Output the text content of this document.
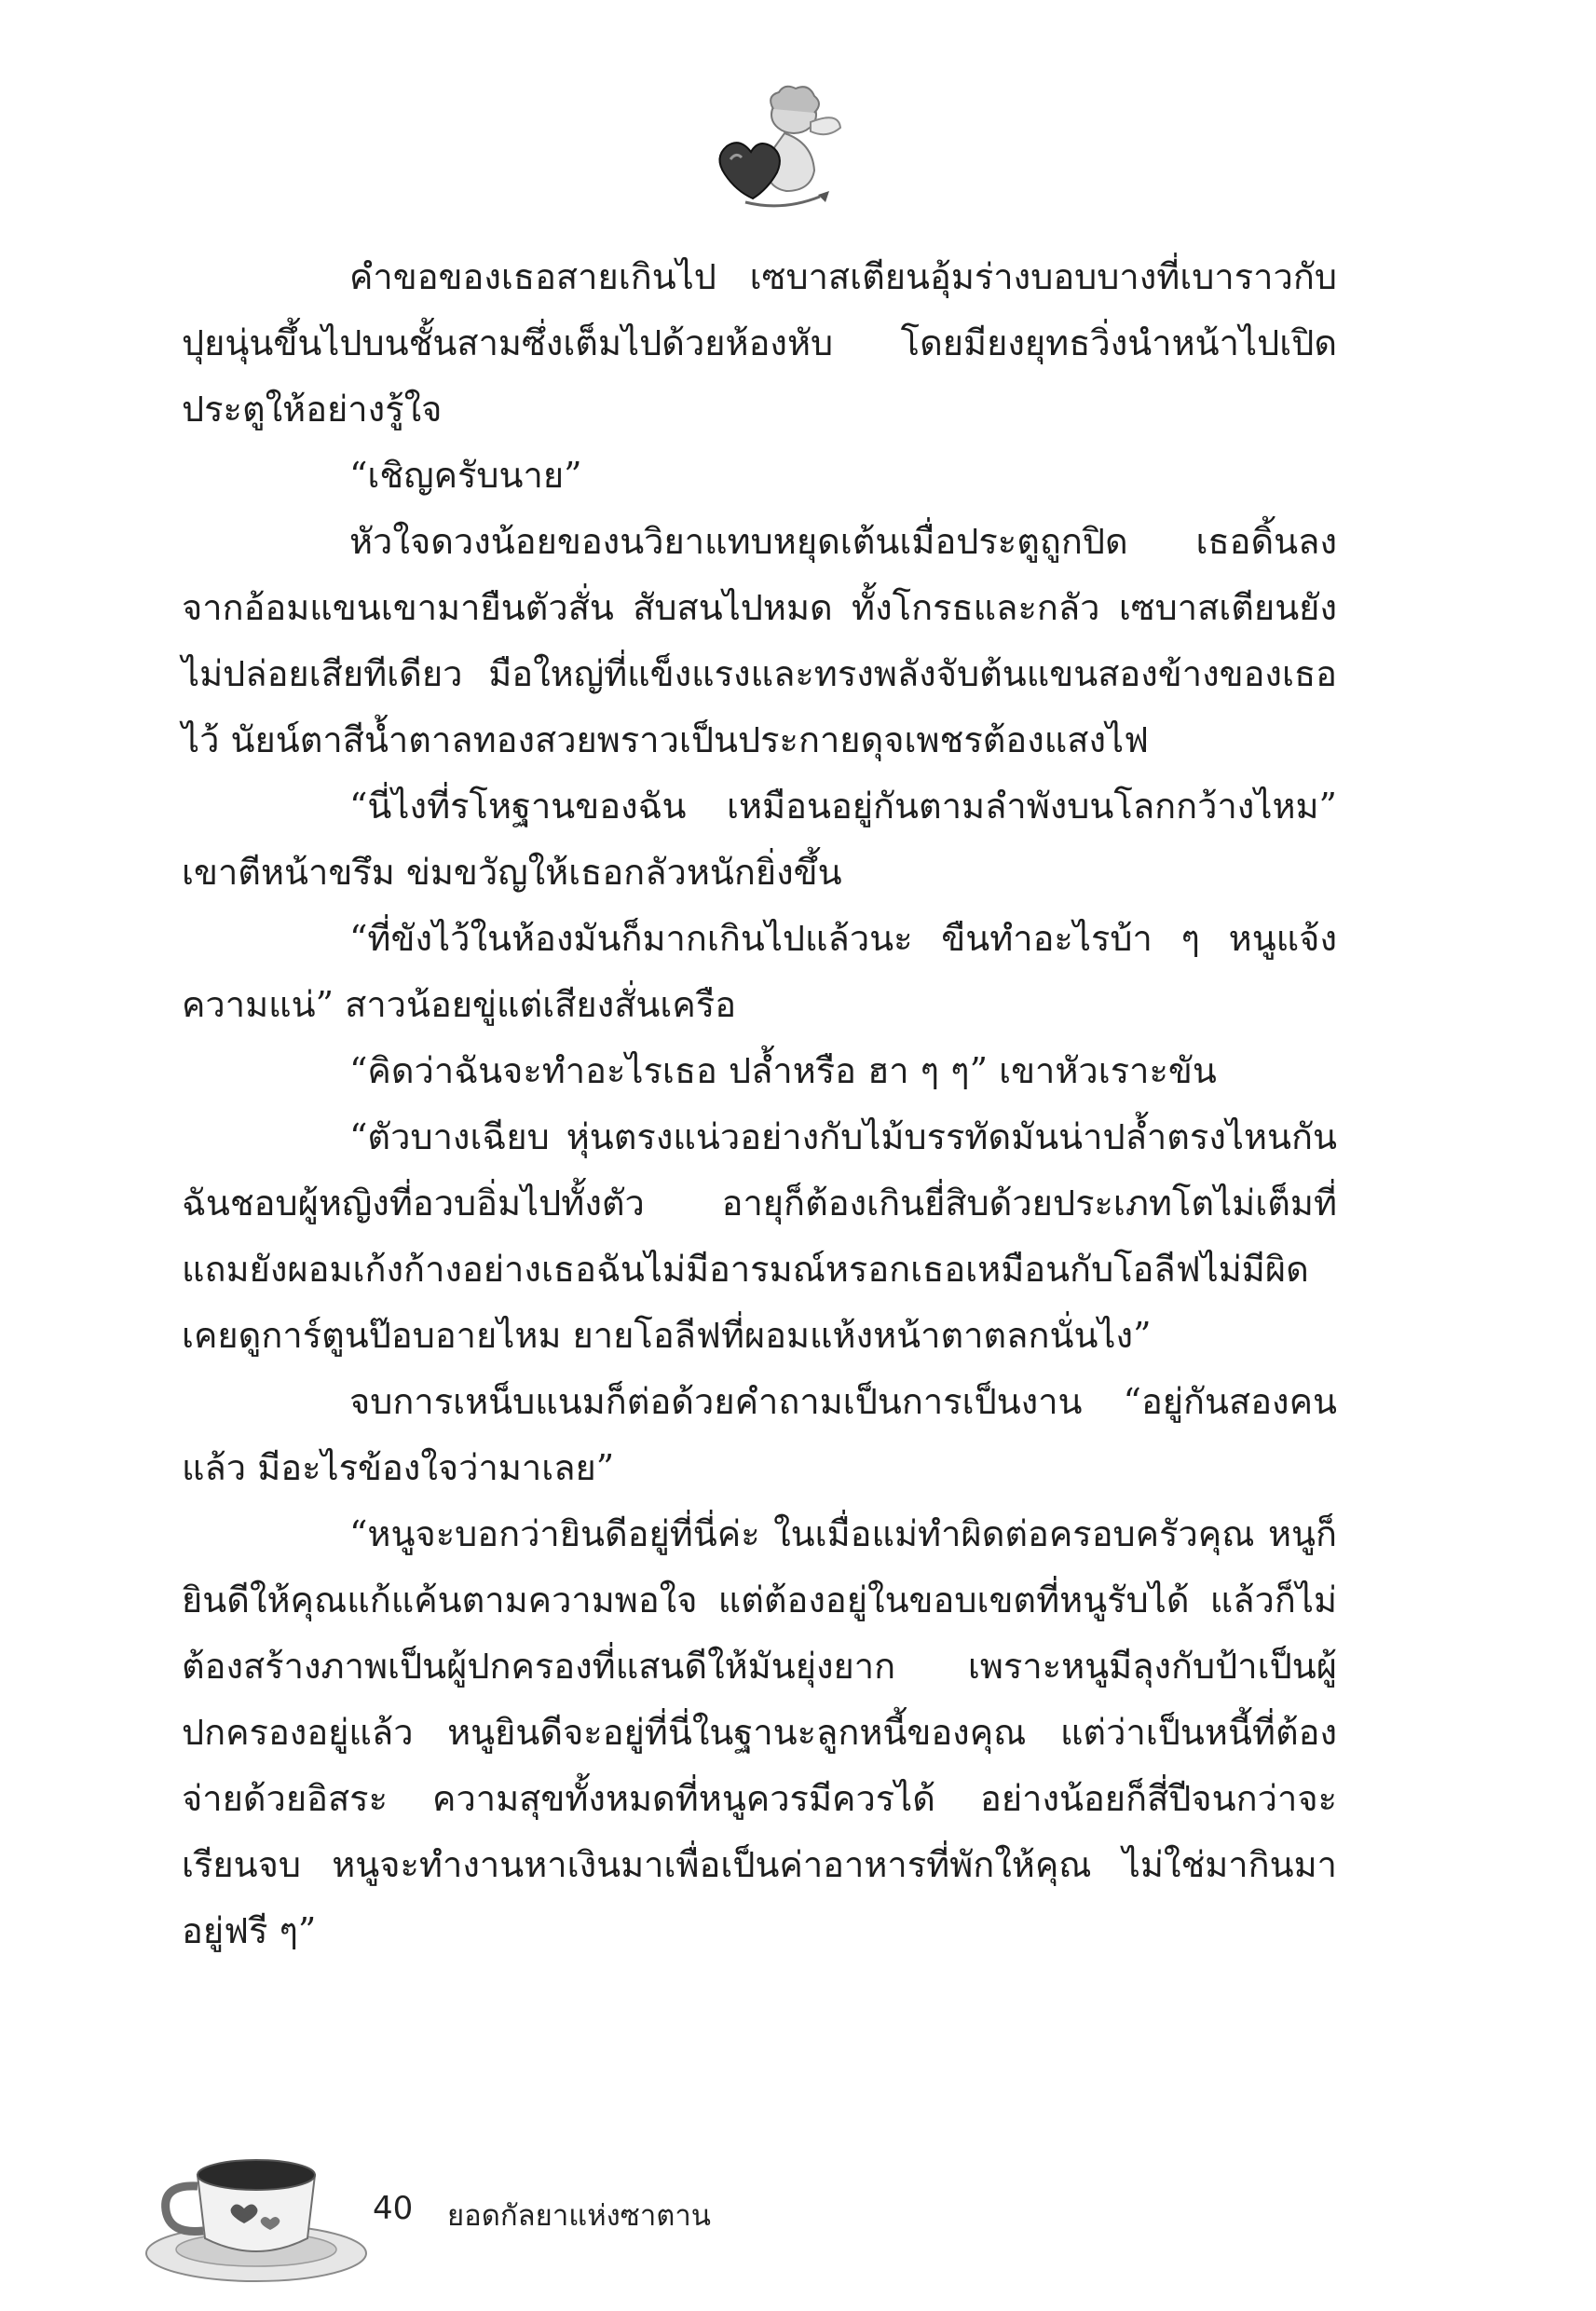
คำขอของเธอสายเกินไป เซบาสเตียนอุ้มร่างบอบบางที่เบาราวกับปุยนุ่นขึ้นไปบนชั้นสามซึ่งเต็มไปด้วยห้องหับ โดยมียงยุทธวิ่งนำหน้าไปเปิดประตูให้อย่างรู้ใจ

“เชิญครับนาย”

หัวใจดวงน้อยของนวิยาแทบหยุดเต้นเมื่อประตูถูกปิด เธอดิ้นลงจากอ้อมแขนเขามายืนตัวสั่น สับสนไปหมด ทั้งโกรธและกลัว เซบาสเตียนยังไม่ปล่อยเสียทีเดียว มือใหญ่ที่แข็งแรงและทรงพลังจับต้นแขนสองข้างของเธอไว้ นัยน์ตาสีน้ำตาลทองสวยพราวเป็นประกายดุจเพชรต้องแสงไฟ

“นี่ไงที่รโหฐานของฉัน เหมือนอยู่กันตามลำพังบนโลกกว้างไหม” เขาตีหน้าขรึม ข่มขวัญให้เธอกลัวหนักยิ่งขึ้น

“ที่ขังไว้ในห้องมันก็มากเกินไปแล้วนะ ขืนทำอะไรบ้า ๆ หนูแจ้งความแน่” สาวน้อยขู่แต่เสียงสั่นเครือ

“คิดว่าฉันจะทำอะไรเธอ ปล้ำหรือ ฮา ๆ ๆ” เขาหัวเราะขัน

“ตัวบางเฉียบ หุ่นตรงแน่วอย่างกับไม้บรรทัดมันน่าปล้ำตรงไหนกัน ฉันชอบผู้หญิงที่อวบอิ่มไปทั้งตัว อายุก็ต้องเกินยี่สิบด้วยประเภทโตไม่เต็มที่ แถมยังผอมเก้งก้างอย่างเธอฉันไม่มีอารมณ์หรอกเธอเหมือนกับโอลีฟไม่มีผิด เคยดูการ์ตูนป๊อบอายไหม ยายโอลีฟที่ผอมแห้งหน้าตาตลกนั่นไง”

จบการเหน็บแนมก็ต่อด้วยคำถามเป็นการเป็นงาน “อยู่กันสองคนแล้ว มีอะไรข้องใจว่ามาเลย”

“หนูจะบอกว่ายินดีอยู่ที่นี่ค่ะ ในเมื่อแม่ทำผิดต่อครอบครัวคุณ หนูก็ยินดีให้คุณแก้แค้นตามความพอใจ แต่ต้องอยู่ในขอบเขตที่หนูรับได้ แล้วก็ไม่ต้องสร้างภาพเป็นผู้ปกครองที่แสนดีให้มันยุ่งยาก เพราะหนูมีลุงกับป้าเป็นผู้ปกครองอยู่แล้ว หนูยินดีจะอยู่ที่นี่ในฐานะลูกหนี้ของคุณ แต่ว่าเป็นหนี้ที่ต้องจ่ายด้วยอิสระ ความสุขทั้งหมดที่หนูควรมีควรได้ อย่างน้อยก็สี่ปีจนกว่าจะเรียนจบ หนูจะทำงานหาเงินมาเพื่อเป็นค่าอาหารที่พักให้คุณ ไม่ใช่มากินมาอยู่ฟรี ๆ”

40 ยอดกัลยาแห่งซาตาน
